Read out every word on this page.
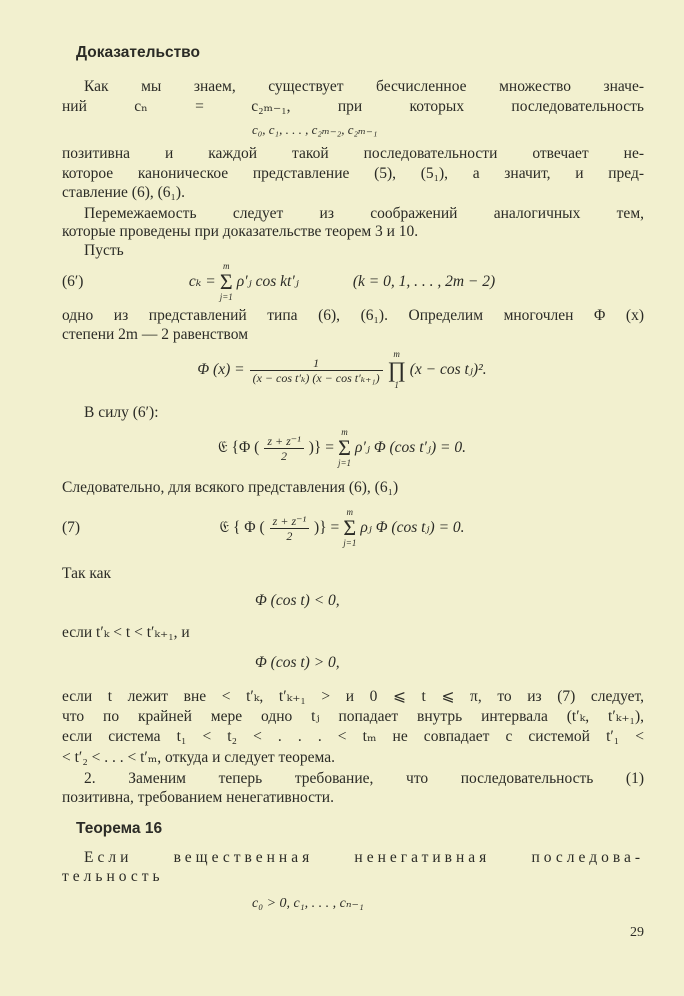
Доказательство
Как мы знаем, существует бесчисленное множество значе-
ний cₙ = c₂ₘ₋₁, при которых последовательность
c₀, c₁, . . . , c₂ₘ₋₂, c₂ₘ₋₁
позитивна и каждой такой последовательности отвечает не-
которое каноническое представление (5), (5₁), а значит, и пред-
ставление (6), (6₁).
Перемежаемость следует из соображений аналогичных тем,
которые проведены при доказательстве теорем 3 и 10.
Пусть
(6′)	cₖ =
m
Σ
j=1
ρ′ⱼ cos kt′ⱼ	(k = 0, 1, . . . , 2m − 2)
одно из представлений типа (6), (6₁). Определим многочлен Φ (x)
степени 2m — 2 равенством
Φ $(x) = \frac{1}{\text{(x − cos t′ₖ) (x − cos t′ₖ₊₁)}}$
m
∏
1
(x − cos tⱼ)².
В силу (6′):
𝔈 {Φ ( $\frac{\text{z + z⁻¹}}{2}$ )} =
m
Σ
j=1
ρ′ⱼ Φ (cos t′ⱼ) = 0.
Следовательно, для всякого представления (6), (6₁)
(7)	𝔈 { Φ ( $\frac{\text{z + z⁻¹}}{2}$ )} =
m
Σ
j=1
ρⱼ Φ (cos tⱼ) = 0.
Так как
Φ (cos t) < 0,
если t′ₖ < t < t′ₖ₊₁, и
Φ (cos t) > 0,
если t лежит вне < t′ₖ, t′ₖ₊₁ > и 0 ⩽ t ⩽ π, то из (7) следует,
что по крайней мере одно tⱼ попадает внутрь интервала (t′ₖ, t′ₖ₊₁),
если система t₁ < t₂ < . . . < tₘ не совпадает с системой t′₁ <
< t′₂ < . . . < t′ₘ, откуда и следует теорема.
2. Заменим теперь требование, что последовательность (1)
позитивна, требованием ненегативности.
Теорема 16
Если вещественная ненегативная последова-
тельность
c₀ > 0, c₁, . . . , cₙ₋₁
29
